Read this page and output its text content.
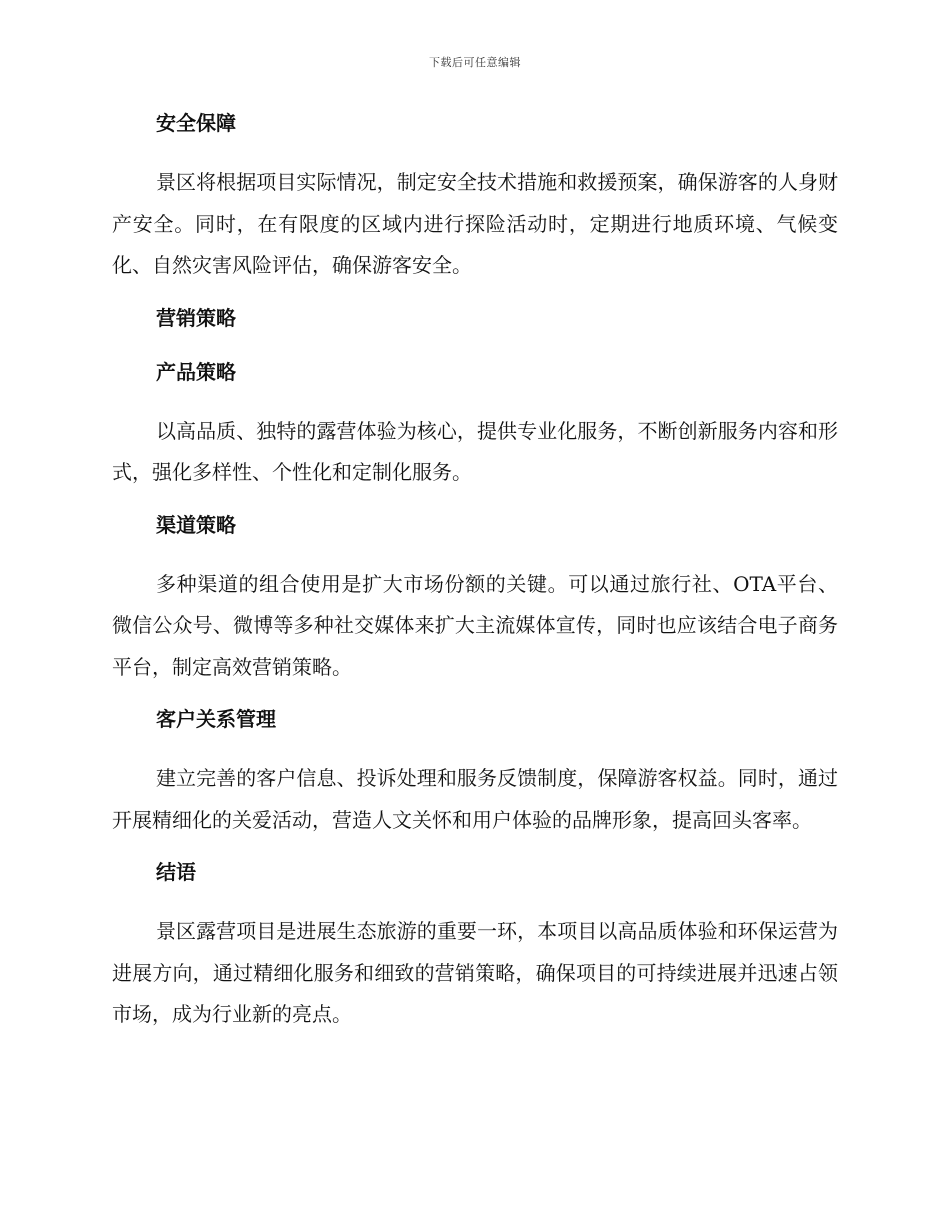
下载后可任意编辑
安全保障

景区将根据项目实际情况，制定安全技术措施和救援预案，确保游客的人身财产安全。同时，在有限度的区域内进行探险活动时，定期进行地质环境、气候变化、自然灾害风险评估，确保游客安全。

营销策略
产品策略

以高品质、独特的露营体验为核心，提供专业化服务，不断创新服务内容和形式，强化多样性、个性化和定制化服务。

渠道策略

多种渠道的组合使用是扩大市场份额的关键。可以通过旅行社、OTA平台、微信公众号、微博等多种社交媒体来扩大主流媒体宣传，同时也应该结合电子商务平台，制定高效营销策略。

客户关系管理

建立完善的客户信息、投诉处理和服务反馈制度，保障游客权益。同时，通过开展精细化的关爱活动，营造人文关怀和用户体验的品牌形象，提高回头客率。

结语

景区露营项目是进展生态旅游的重要一环，本项目以高品质体验和环保运营为进展方向，通过精细化服务和细致的营销策略，确保项目的可持续进展并迅速占领市场，成为行业新的亮点。
